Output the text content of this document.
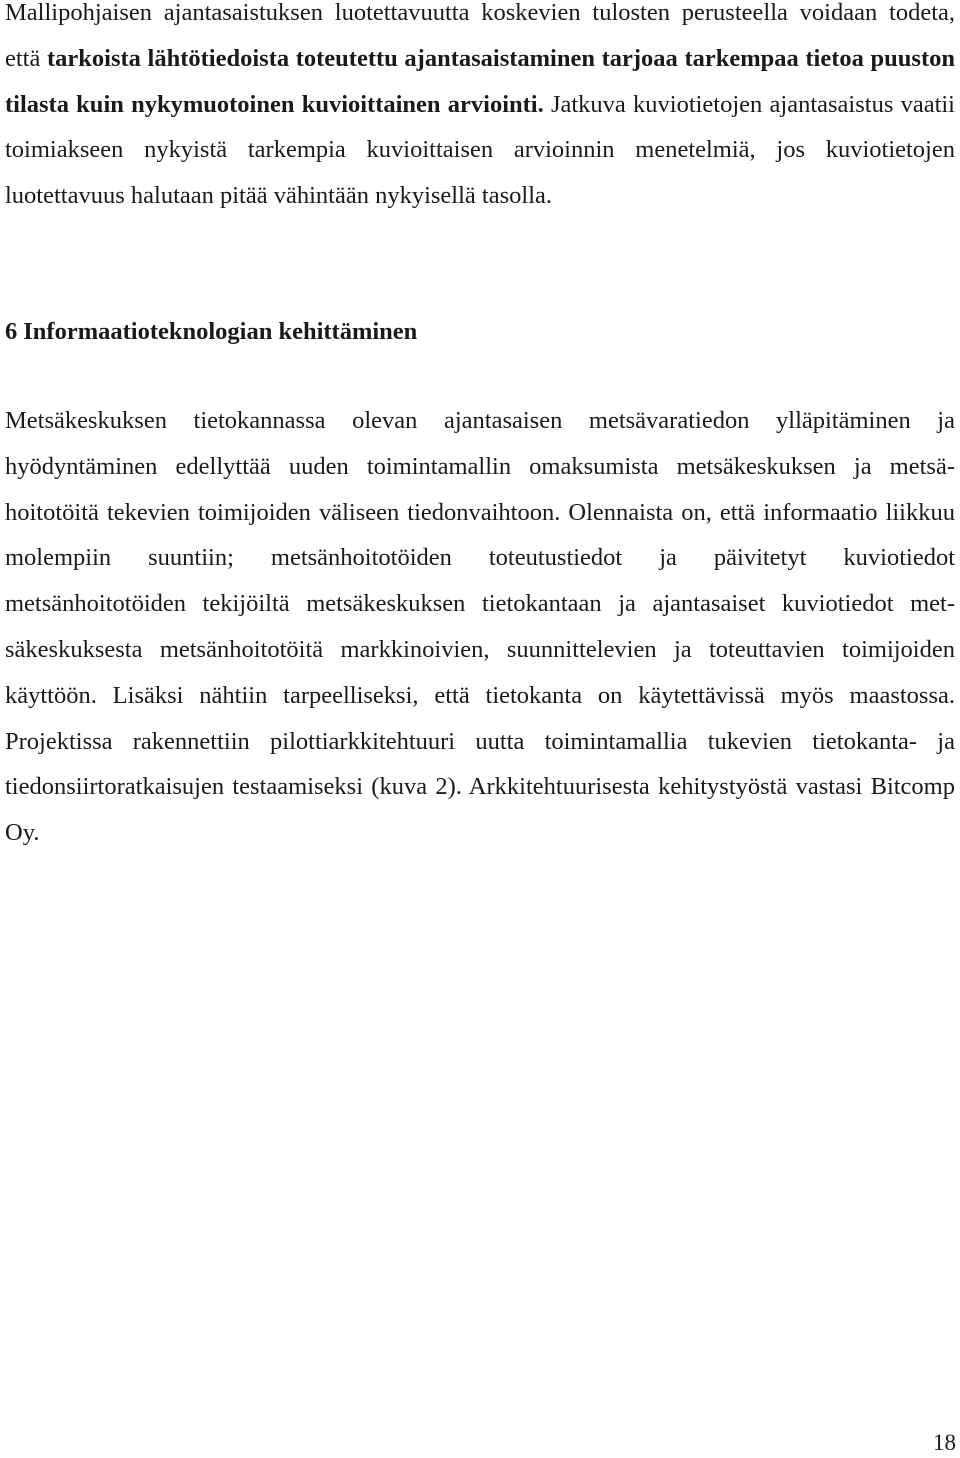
Mallipohjaisen ajantasaistuksen luotettavuutta koskevien tulosten perusteella voidaan todeta, että tarkoista lähtötiedoista toteutettu ajantasaistaminen tarjoaa tarkempaa tietoa puuston tilasta kuin nykymuotoinen kuvioittainen arviointi. Jatkuva kuviotietojen ajantasaistus vaatii toimiakseen nykyistä tarkempia kuvioittaisen arvioinnin menetelmiä, jos kuviotietojen luotettavuus halutaan pitää vähintään nykyisellä tasolla.

6 Informaatioteknologian kehittäminen

Metsäkeskuksen tietokannassa olevan ajantasaisen metsävaratiedon ylläpitäminen ja hyödyntäminen edellyttää uuden toimintamallin omaksumista metsäkeskuksen ja metsähoitotöitä tekevien toimijoiden väliseen tiedonvaihtoon. Olennaista on, että informaatio liikkuu molempiin suuntiin; metsänhoitotöiden toteutustiedot ja päivitetyt kuviotiedot metsänhoitotöiden tekijöiltä metsäkeskuksen tietokantaan ja ajantasaiset kuviotiedot metsäkeskuksesta metsänhoitotöitä markkinoivien, suunnittelevien ja toteuttavien toimijoiden käyttöön. Lisäksi nähtiin tarpeelliseksi, että tietokanta on käytettävissä myös maastossa. Projektissa rakennettiin pilottiarkkitehtuuri uutta toimintamallia tukevien tietokanta- ja tiedonsiirtoratkaisujen testaamiseksi (kuva 2). Arkkitehtuurisesta kehitystyöstä vastasi Bitcomp Oy.

18
